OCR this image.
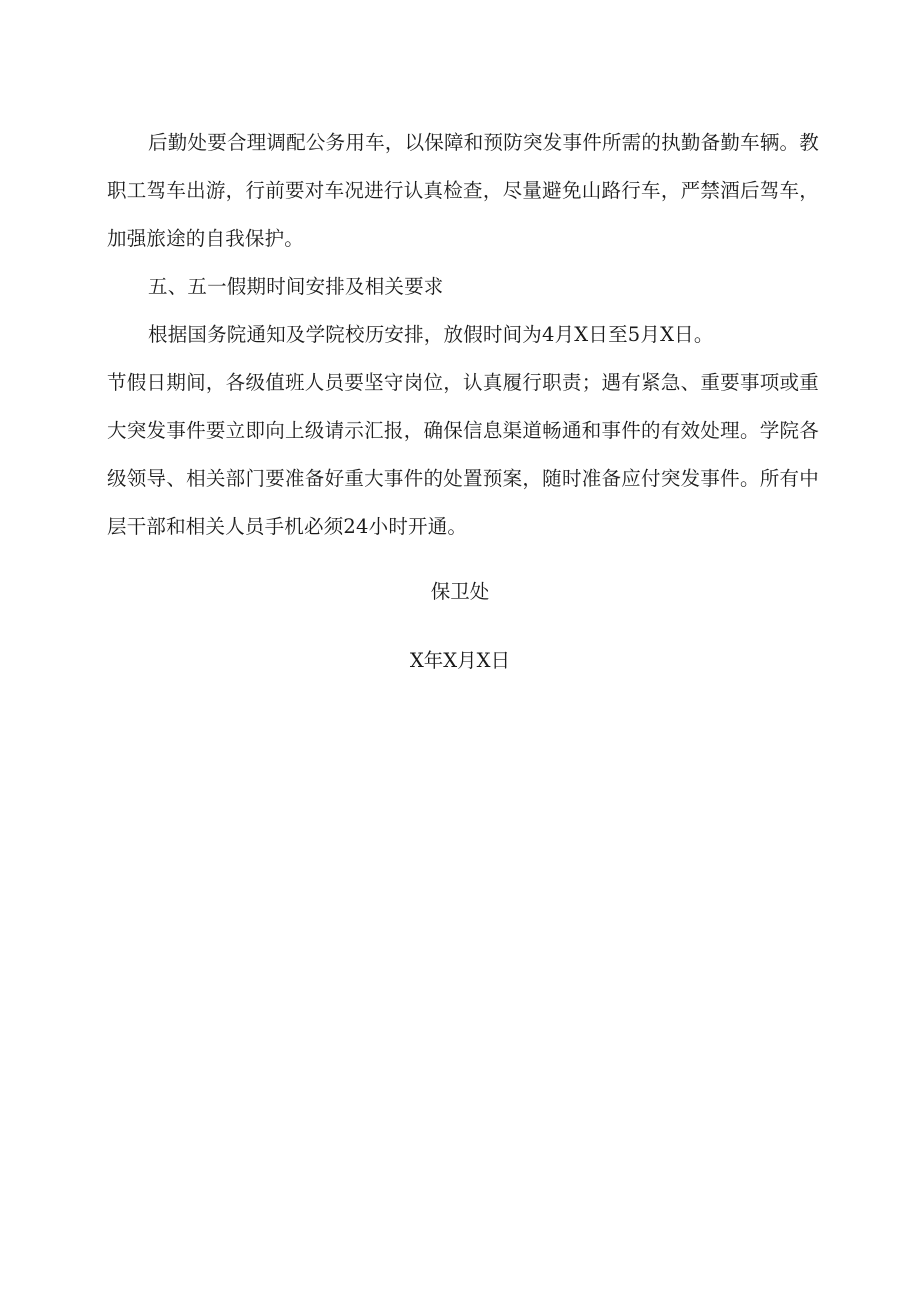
后勤处要合理调配公务用车，以保障和预防突发事件所需的执勤备勤车辆。教职工驾车出游，行前要对车况进行认真检查，尽量避免山路行车，严禁酒后驾车，加强旅途的自我保护。

五、五一假期时间安排及相关要求

根据国务院通知及学院校历安排，放假时间为4月X日至5月X日。

节假日期间，各级值班人员要坚守岗位，认真履行职责；遇有紧急、重要事项或重大突发事件要立即向上级请示汇报，确保信息渠道畅通和事件的有效处理。学院各级领导、相关部门要准备好重大事件的处置预案，随时准备应付突发事件。所有中层干部和相关人员手机必须24小时开通。

保卫处
X年X月X日
